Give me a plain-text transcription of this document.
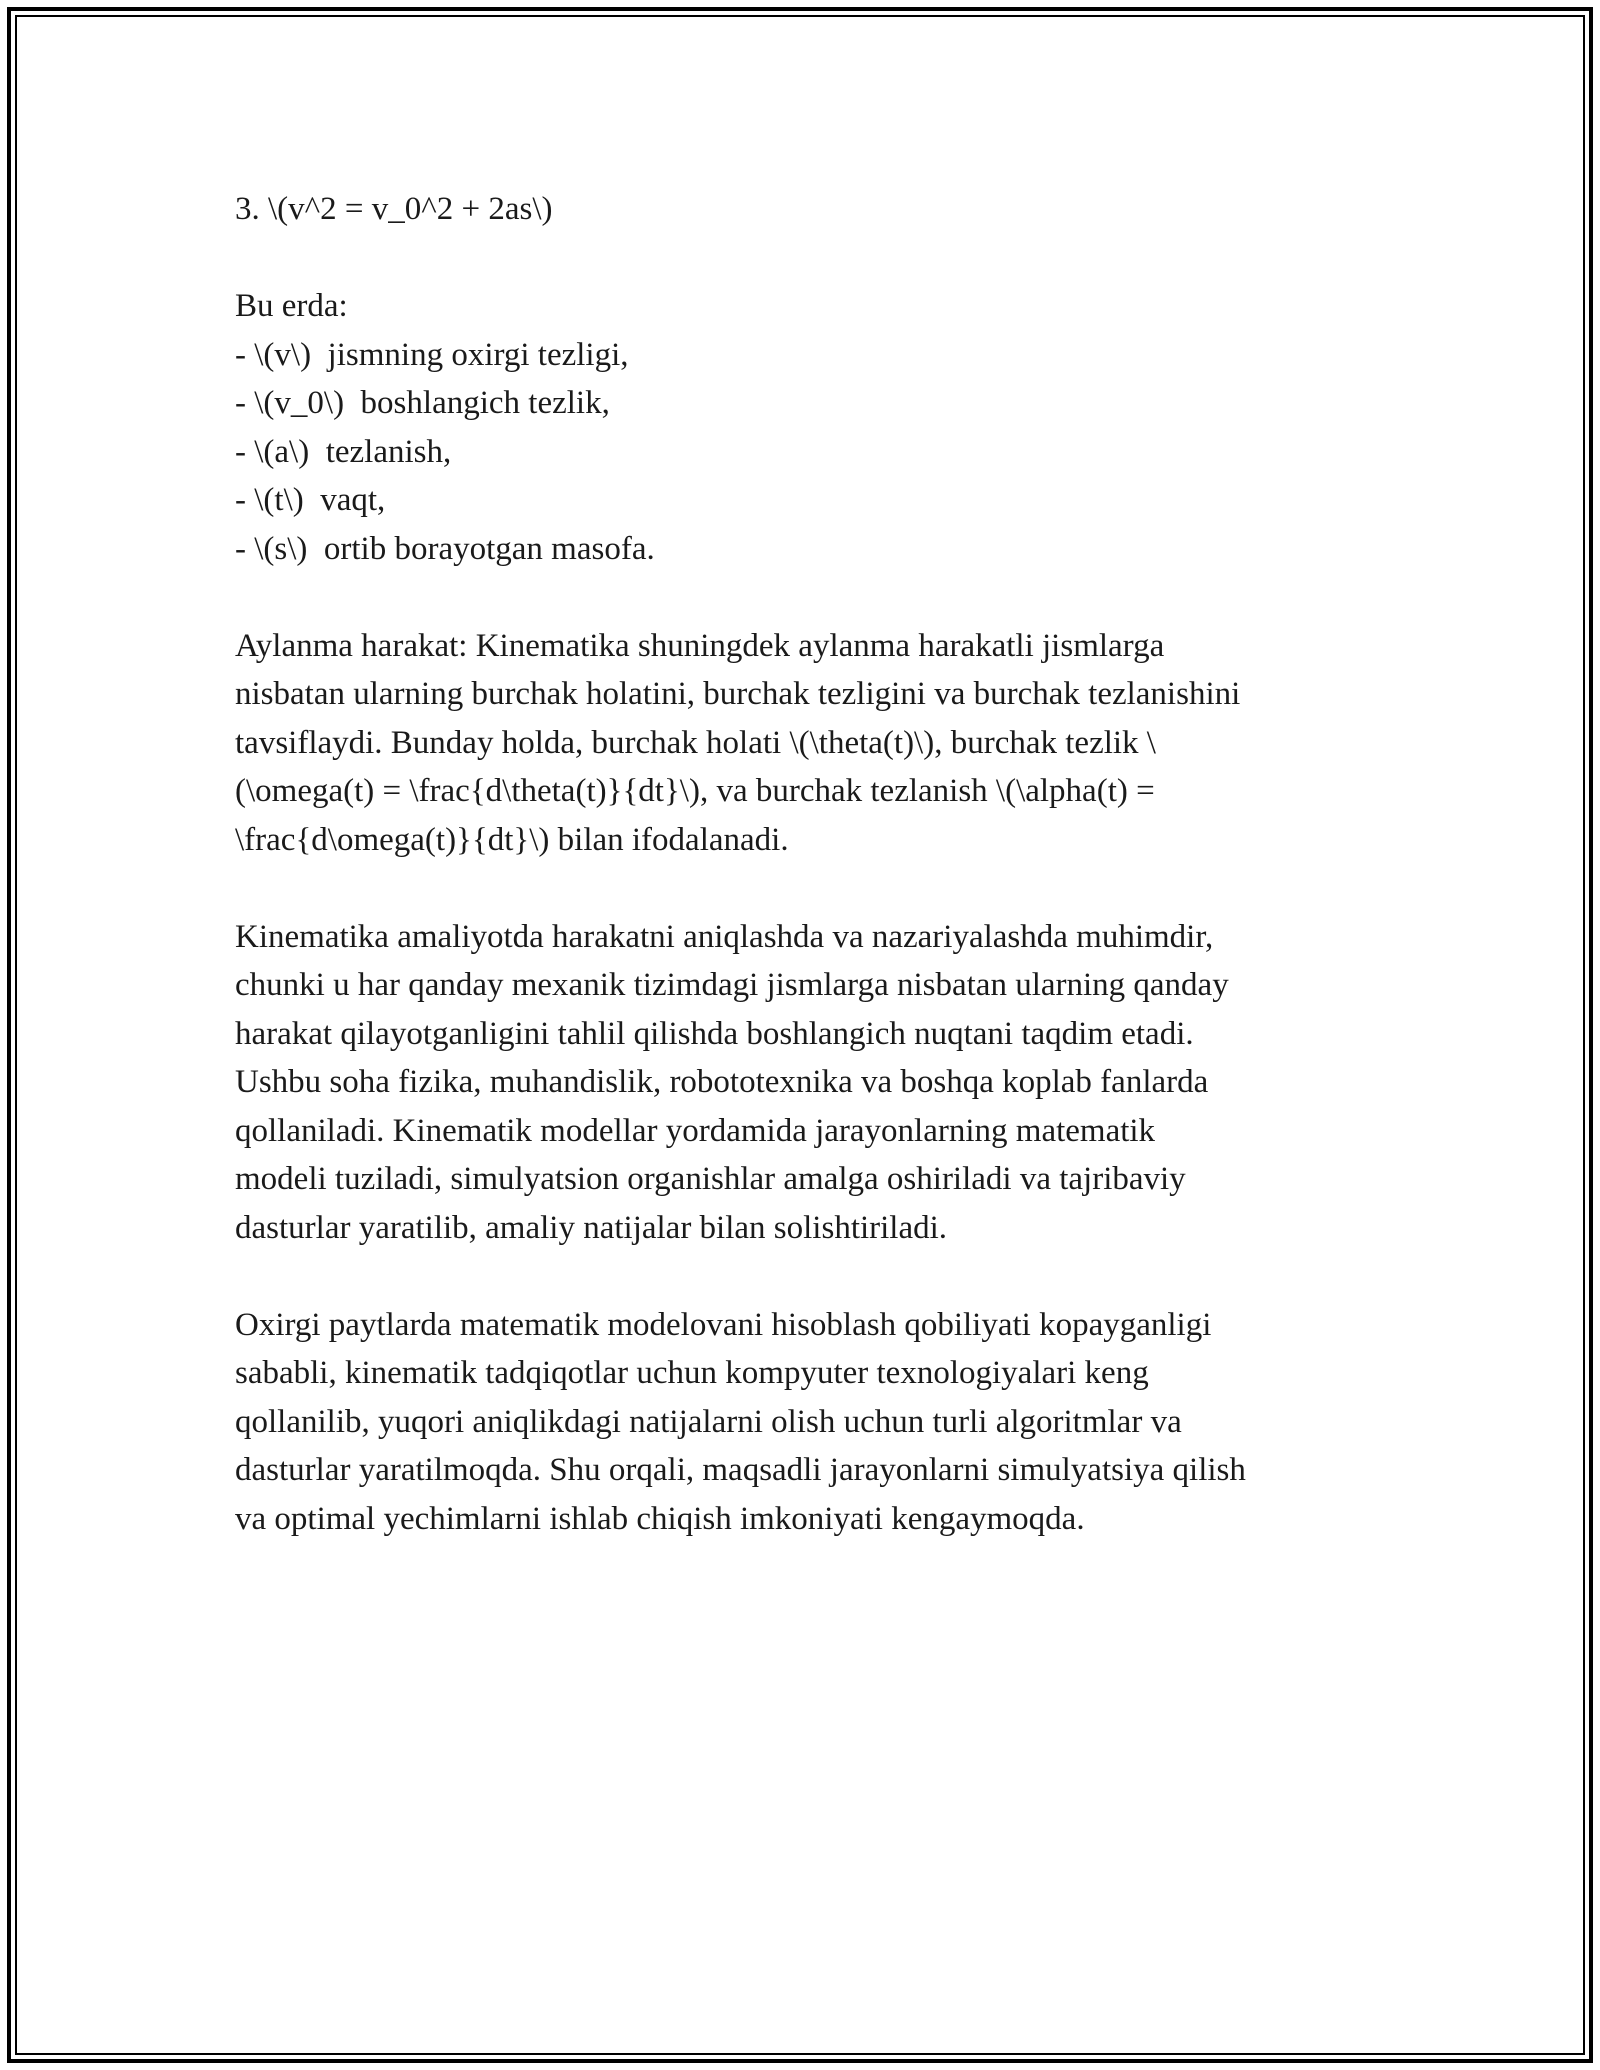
3. \(v^2 = v_0^2 + 2as\)
Bu erda:
- \(v\)  jismning oxirgi tezligi,
- \(v_0\)  boshlangich tezlik,
- \(a\)  tezlanish,
- \(t\)  vaqt,
- \(s\)  ortib borayotgan masofa.
Aylanma harakat: Kinematika shuningdek aylanma harakatli jismlarga
nisbatan ularning burchak holatini, burchak tezligini va burchak tezlanishini
tavsiflaydi. Bunday holda, burchak holati \(\theta(t)\), burchak tezlik \
(\omega(t) = \frac{d\theta(t)}{dt}\), va burchak tezlanish \(\alpha(t) =
\frac{d\omega(t)}{dt}\) bilan ifodalanadi.
Kinematika amaliyotda harakatni aniqlashda va nazariyalashda muhimdir,
chunki u har qanday mexanik tizimdagi jismlarga nisbatan ularning qanday
harakat qilayotganligini tahlil qilishda boshlangich nuqtani taqdim etadi.
Ushbu soha fizika, muhandislik, robototexnika va boshqa koplab fanlarda
qollaniladi. Kinematik modellar yordamida jarayonlarning matematik
modeli tuziladi, simulyatsion organishlar amalga oshiriladi va tajribaviy
dasturlar yaratilib, amaliy natijalar bilan solishtiriladi.
Oxirgi paytlarda matematik modelovani hisoblash qobiliyati kopayganligi
sababli, kinematik tadqiqotlar uchun kompyuter texnologiyalari keng
qollanilib, yuqori aniqlikdagi natijalarni olish uchun turli algoritmlar va
dasturlar yaratilmoqda. Shu orqali, maqsadli jarayonlarni simulyatsiya qilish
va optimal yechimlarni ishlab chiqish imkoniyati kengaymoqda.
